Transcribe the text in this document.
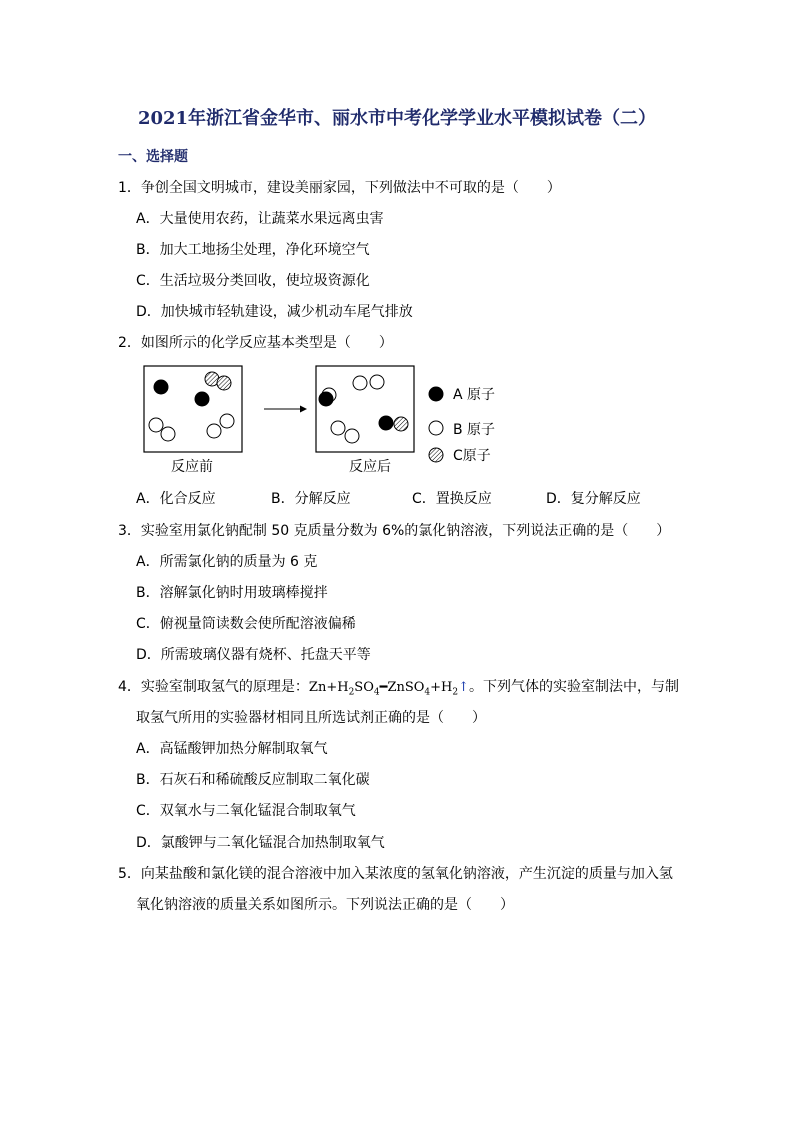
2021年浙江省金华市、丽水市中考化学学业水平模拟试卷（二）
一、选择题
1．争创全国文明城市，建设美丽家园，下列做法中不可取的是（　　）
A．大量使用农药，让蔬菜水果远离虫害
B．加大工地扬尘处理，净化环境空气
C．生活垃圾分类回收，使垃圾资源化
D．加快城市轻轨建设，减少机动车尾气排放
2．如图所示的化学反应基本类型是（　　）
反应前	反应后
A 原子
B 原子
C原子
A．化合反应	B．分解反应	C．置换反应	D．复分解反应
3．实验室用氯化钠配制 50 克质量分数为 6%的氯化钠溶液，下列说法正确的是（　　）
A．所需氯化钠的质量为 6 克
B．溶解氯化钠时用玻璃棒搅拌
C．俯视量筒读数会使所配溶液偏稀
D．所需玻璃仪器有烧杯、托盘天平等
4．实验室制取氢气的原理是：$Zn+H_2SO_4━ZnSO_4+H_2↑$。下列气体的实验室制法中，与制
取氢气所用的实验器材相同且所选试剂正确的是（　　）
A．高锰酸钾加热分解制取氧气
B．石灰石和稀硫酸反应制取二氧化碳
C．双氧水与二氧化锰混合制取氧气
D．氯酸钾与二氧化锰混合加热制取氧气
5．向某盐酸和氯化镁的混合溶液中加入某浓度的氢氧化钠溶液，产生沉淀的质量与加入氢
氧化钠溶液的质量关系如图所示。下列说法正确的是（　　）
